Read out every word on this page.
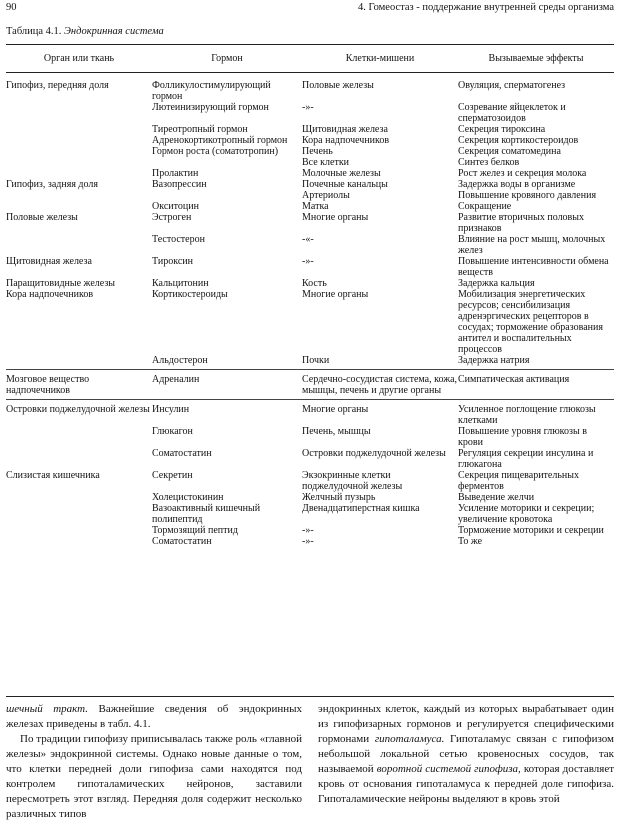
90	4. Гомеостаз - поддержание внутренней среды организма
Таблица 4.1. Эндокринная система
Орган или ткань	Гормон	Клетки-мишени	Вызываемые эффекты
Гипофиз, передняя доля	Фолликулостимулирующий гормон	Половые железы	Овуляция, сперматогенез
	Лютеинизирующий гормон	-»-	Созревание яйцеклеток и сперматозоидов
	Тиреотропный гормон	Щитовидная железа	Секреция тироксина
	Адренокортикотропный гормон	Кора надпочечников	Секреция кортикостероидов
	Гормон роста (соматотропин)	Печень	Секреция соматомедина
		Все клетки	Синтез белков
	Пролактин	Молочные железы	Рост желез и секреция молока
Гипофиз, задняя доля	Вазопрессин	Почечные канальцы	Задержка воды в организме
		Артериолы	Повышение кровяного давления
	Окситоцин	Матка	Сокращение
Половые железы	Эстроген	Многие органы	Развитие вторичных половых признаков
	Тестостерон	-«-	Влияние на рост мышц, молочных желез
Щитовидная железа	Тироксин	-»-	Повышение интенсивности обмена веществ
Паращитовидные железы	Кальцитонин	Кость	Задержка кальция
Кора надпочечников	Кортикостероиды	Многие органы	Мобилизация энергетических ресурсов; сенсибилизация адренэргических рецепторов в сосудах; торможение образования антител и воспалительных процессов
	Альдостерон	Почки	Задержка натрия

Мозговое вещество надпочечников	Адреналин	Сердечно-сосудистая система, кожа, мышцы, печень и другие органы	Симпатическая активация

Островки поджелудочной железы	Инсулин	Многие органы	Усиленное поглощение глюкозы клетками
	Глюкагон	Печень, мышцы	Повышение уровня глюкозы в крови
	Соматостатин	Островки поджелудочной железы	Регуляция секреции инсулина и глюкагона
Слизистая кишечника	Секретин	Экзокринные клетки поджелудочной железы	Секреция пищеварительных ферментов
	Холецистокинин	Желчный пузырь	Выведение желчи
	Вазоактивный кишечный полипептид	Двенадцатиперстная кишка	Усиление моторики и секреции; увеличение кровотока
	Тормозящий пептид	-»-	Торможение моторики и секреции
	Соматостатин	-»-	То же

шечный тракт. Важнейшие сведения об эндокринных железах приведены в табл. 4.1.

По традиции гипофизу приписывалась также роль «главной железы» эндокринной системы. Однако новые данные о том, что клетки передней доли гипофиза сами находятся под контролем гипоталамических нейронов, заставили пересмотреть этот взгляд. Передняя доля содержит несколько различных типов

эндокринных клеток, каждый из которых вырабатывает один из гипофизарных гормонов и регулируется специфическими гормонами гипоталамуса. Гипоталамус связан с гипофизом небольшой локальной сетью кровеносных сосудов, так называемой воротной системой гипофиза, которая доставляет кровь от основания гипоталамуса к передней доле гипофиза. Гипоталамические нейроны выделяют в кровь этой
